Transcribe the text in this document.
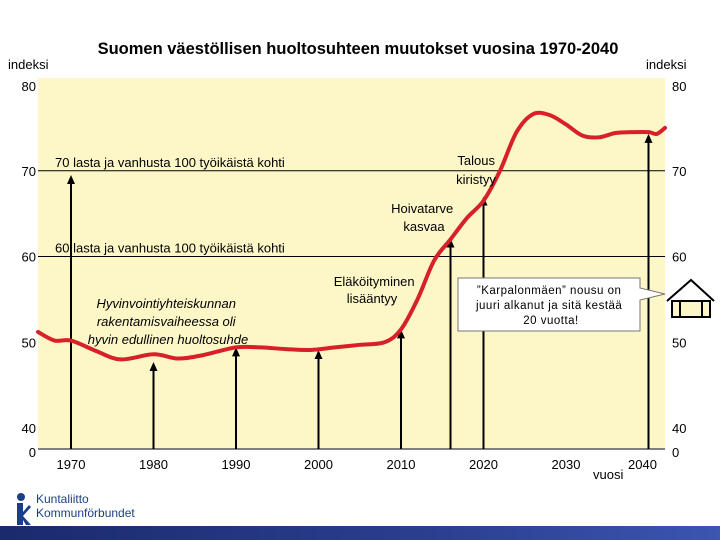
Suomen väestöllisen huoltosuhteen muutokset vuosina 1970-2040
indeksi	indeksi
80
70
60
50
40
0
80
70
60
50
40
0
1970	1980	1990	2000	2010	2020	2030	2040
vuosi
70 lasta ja vanhusta 100 työikäistä kohti
60 lasta ja vanhusta 100 työikäistä kohti
Talous kiristyy
Hoivatarve kasvaa
Eläköityminen lisääntyy
Hyvinvointiyhteiskunnan rakentamisvaiheessa oli hyvin edullinen huoltosuhde
”Karpalonmäen” nousu on juuri alkanut ja sitä kestää 20 vuotta!
Kuntaliitto
Kommunförbundet
